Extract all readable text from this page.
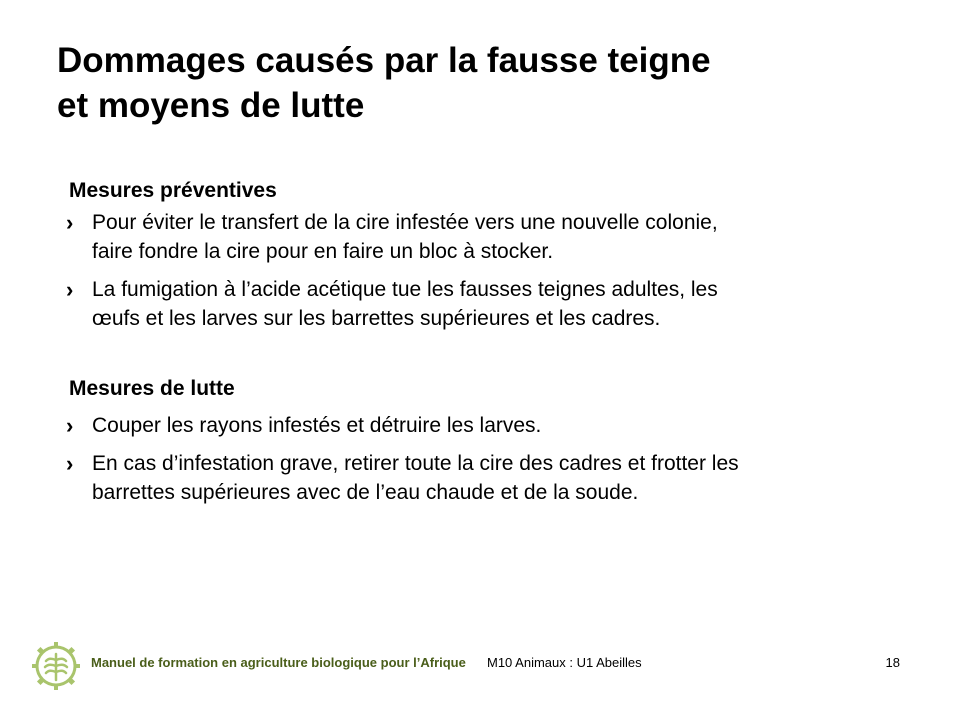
Dommages causés par la fausse teigne
et moyens de lutte
Mesures préventives
› Pour éviter le transfert de la cire infestée vers une nouvelle colonie,
faire fondre la cire pour en faire un bloc à stocker.
› La fumigation à l’acide acétique tue les fausses teignes adultes, les
œufs et les larves sur les barrettes supérieures et les cadres.
Mesures de lutte
› Couper les rayons infestés et détruire les larves.
› En cas d’infestation grave, retirer toute la cire des cadres et frotter les
barrettes supérieures avec de l’eau chaude et de la soude.
Manuel de formation en agriculture biologique pour l’Afrique M10 Animaux : U1 Abeilles	18
